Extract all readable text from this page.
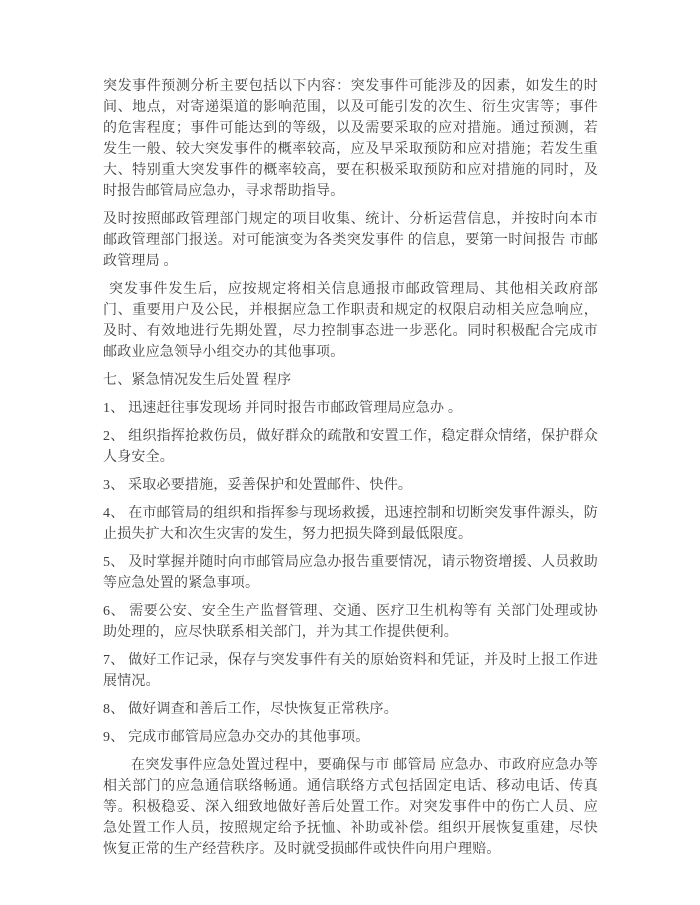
突发事件预测分析主要包括以下内容：突发事件可能涉及的因素，如发生的时间、地点，对寄递渠道的影响范围，以及可能引发的次生、衍生灾害等；事件的危害程度；事件可能达到的等级，以及需要采取的应对措施。通过预测，若发生一般、较大突发事件的概率较高，应及早采取预防和应对措施；若发生重大、特别重大突发事件的概率较高，要在积极采取预防和应对措施的同时，及时报告邮管局应急办，寻求帮助指导。

及时按照邮政管理部门规定的项目收集、统计、分析运营信息，并按时向本市邮政管理部门报送。对可能演变为各类突发事件 的信息，要第一时间报告 市邮政管理局 。

突发事件发生后，应按规定将相关信息通报市邮政管理局、其他相关政府部门、重要用户及公民，并根据应急工作职责和规定的权限启动相关应急响应，及时、有效地进行先期处置，尽力控制事态进一步恶化。同时积极配合完成市邮政业应急领导小组交办的其他事项。

七、紧急情况发生后处置 程序

1、 迅速赶往事发现场 并同时报告市邮政管理局应急办 。

2、 组织指挥抢救伤员，做好群众的疏散和安置工作，稳定群众情绪，保护群众人身安全。

3、 采取必要措施，妥善保护和处置邮件、快件。

4、 在市邮管局的组织和指挥参与现场救援，迅速控制和切断突发事件源头，防止损失扩大和次生灾害的发生，努力把损失降到最低限度。

5、 及时掌握并随时向市邮管局应急办报告重要情况，请示物资增援、人员救助等应急处置的紧急事项。

6、 需要公安、安全生产监督管理、交通、医疗卫生机构等有 关部门处理或协助处理的，应尽快联系相关部门，并为其工作提供便利。

7、 做好工作记录，保存与突发事件有关的原始资料和凭证，并及时上报工作进展情况。

8、 做好调查和善后工作，尽快恢复正常秩序。

9、 完成市邮管局应急办交办的其他事项。

在突发事件应急处置过程中，要确保与市 邮管局 应急办、市政府应急办等相关部门的应急通信联络畅通。通信联络方式包括固定电话、移动电话、传真等。积极稳妥、深入细致地做好善后处置工作。对突发事件中的伤亡人员、应急处置工作人员，按照规定给予抚恤、补助或补偿。组织开展恢复重建，尽快恢复正常的生产经营秩序。及时就受损邮件或快件向用户理赔。
